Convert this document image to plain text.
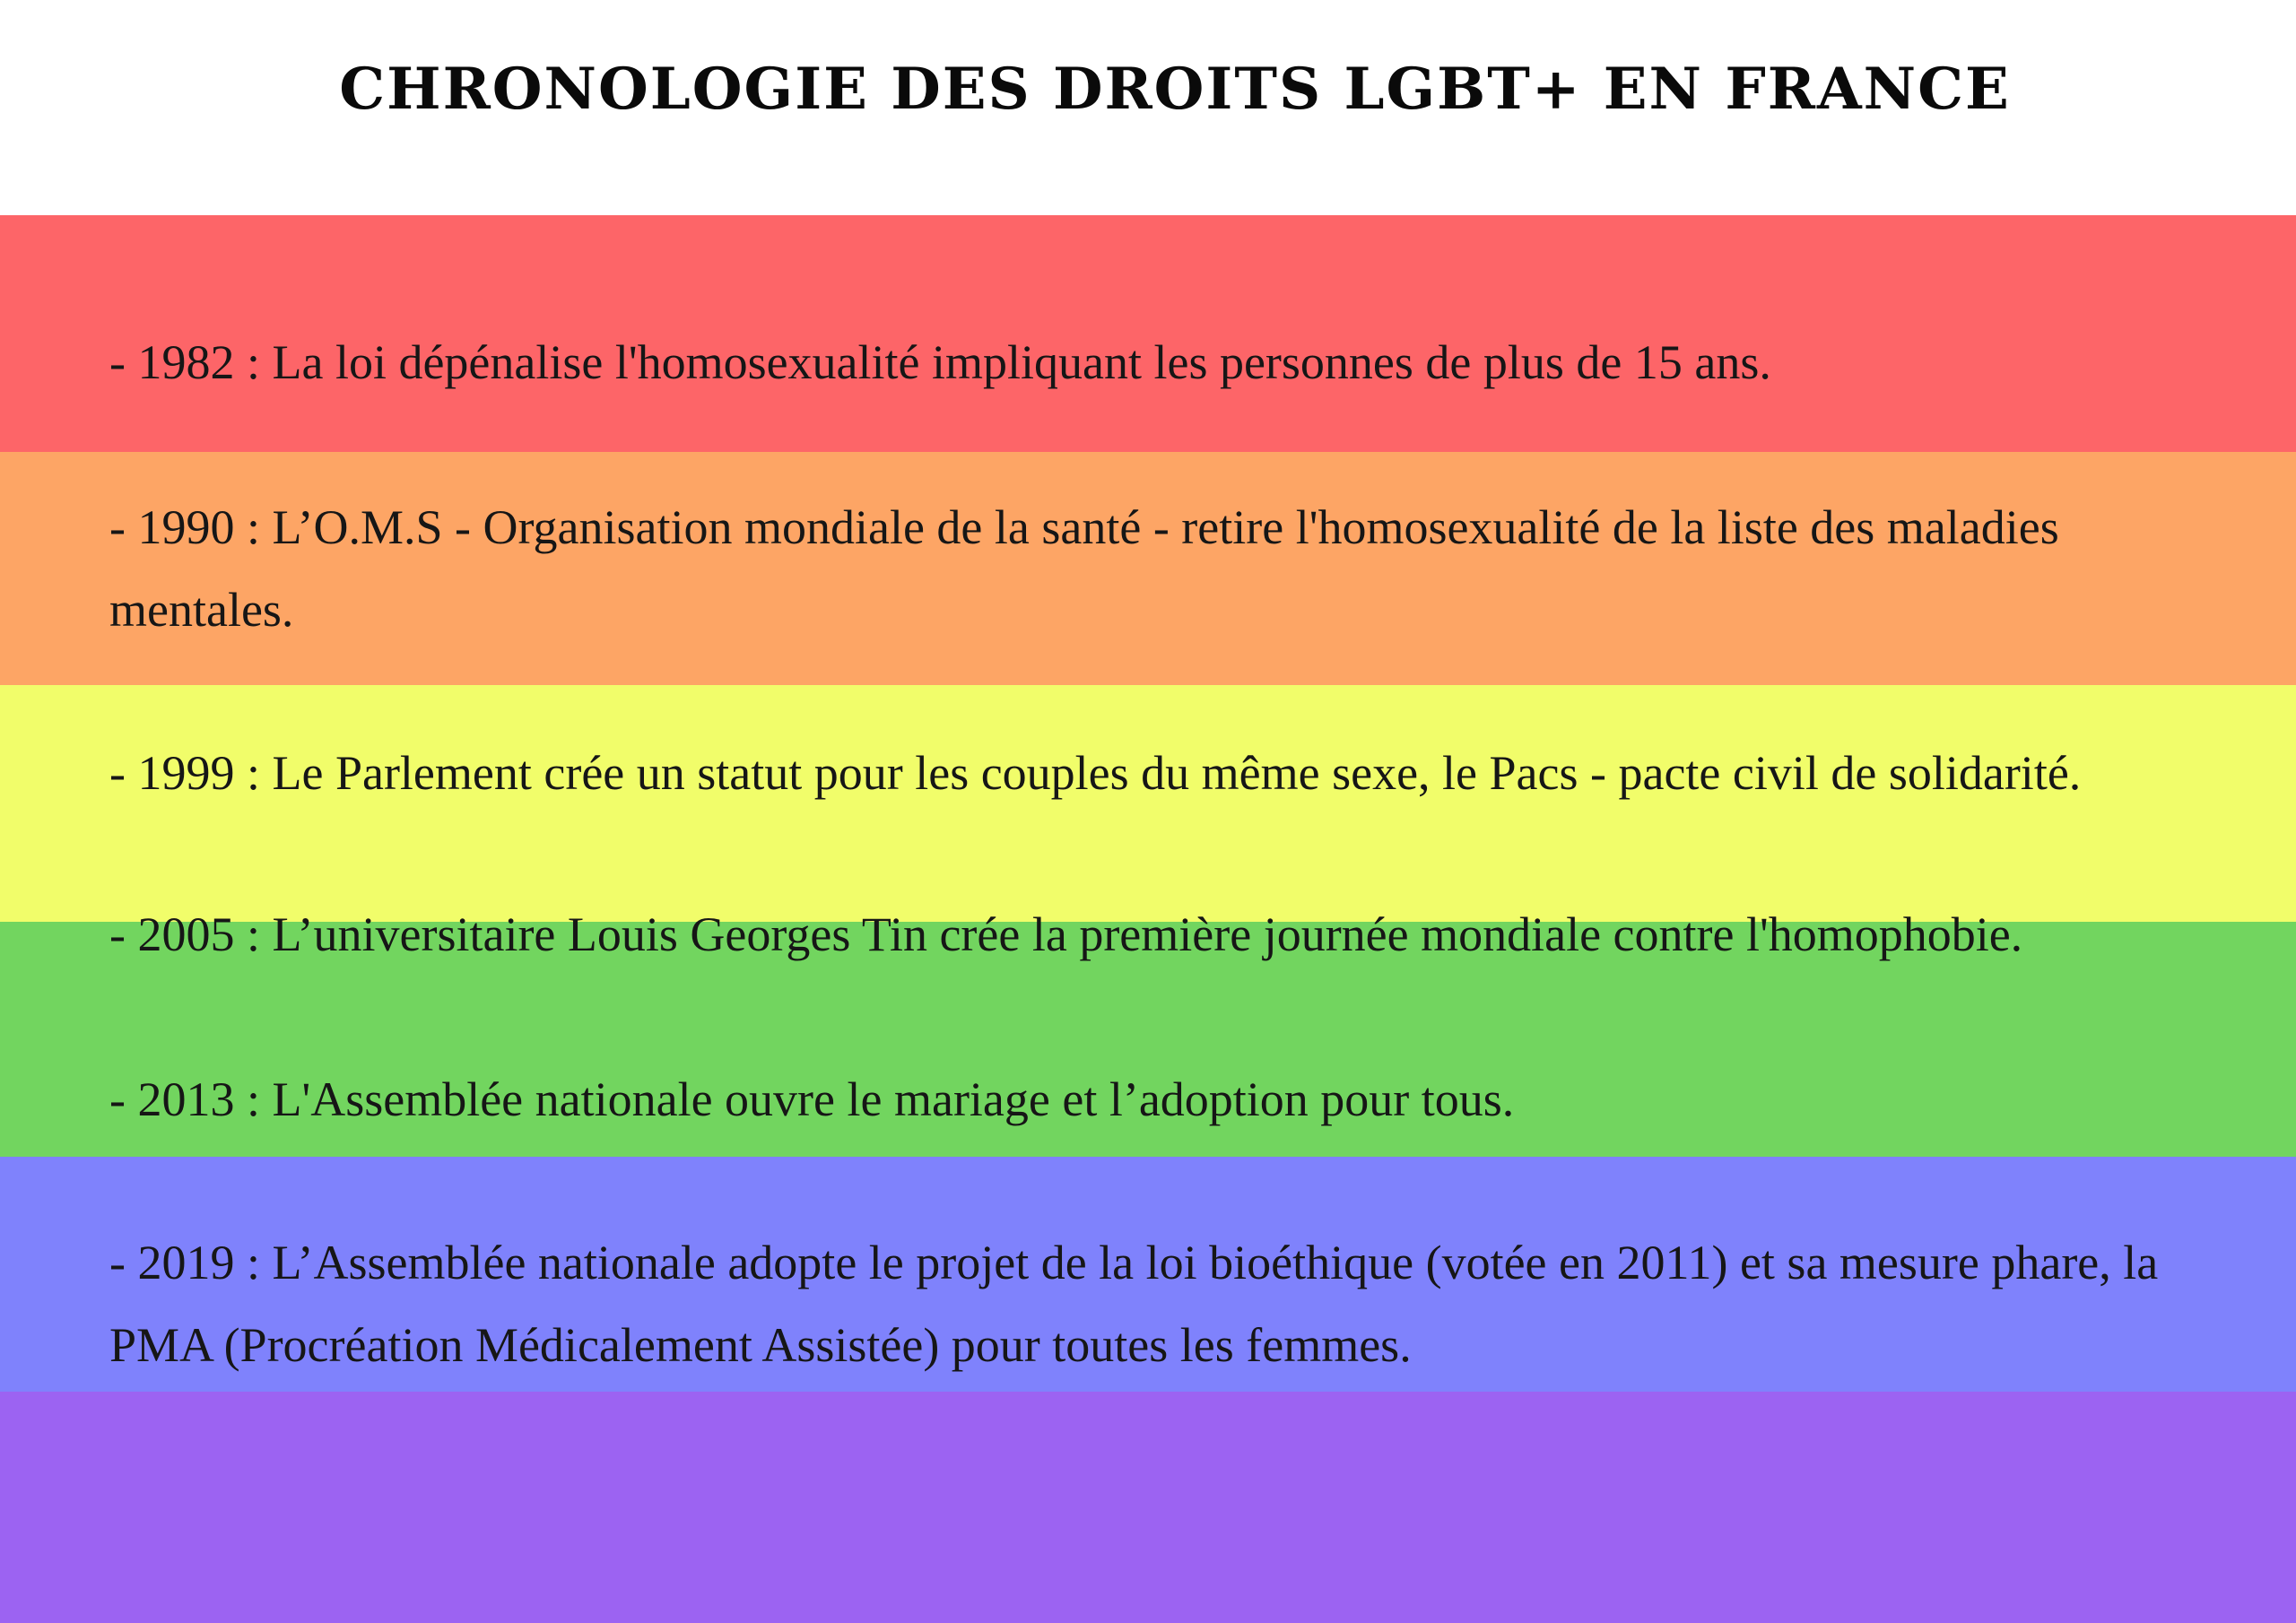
CHRONOLOGIE DES DROITS LGBT+ EN FRANCE

- 1982 : La loi dépénalise l'homosexualité impliquant les personnes de plus de 15 ans.

- 1990 : L’O.M.S - Organisation mondiale de la santé - retire l'homosexualité de la liste des maladies mentales.

- 1999 : Le Parlement crée un statut pour les couples du même sexe, le Pacs - pacte civil de solidarité.

- 2005 : L’universitaire Louis Georges Tin crée la première journée mondiale contre l'homophobie.

- 2013 : L'Assemblée nationale ouvre le mariage et l’adoption pour tous.

- 2019 : L’Assemblée nationale adopte le projet de la loi bioéthique (votée en 2011) et sa mesure phare, la PMA (Procréation Médicalement Assistée) pour toutes les femmes.
